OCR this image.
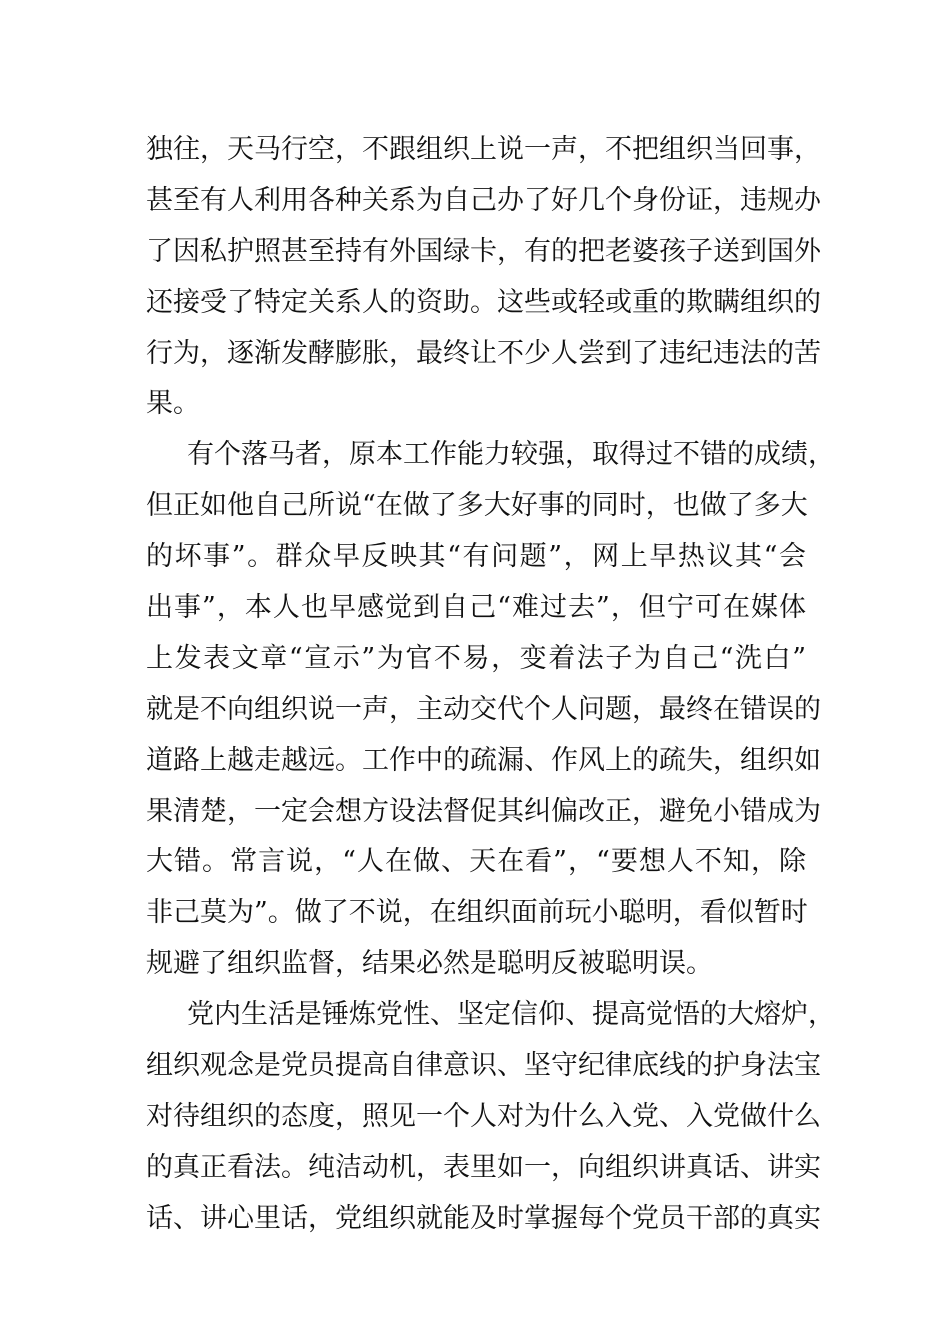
独往，天马行空，不跟组织上说一声，不把组织当回事，
甚至有人利用各种关系为自己办了好几个身份证，违规办
了因私护照甚至持有外国绿卡，有的把老婆孩子送到国外
还接受了特定关系人的资助。这些或轻或重的欺瞒组织的
行为，逐渐发酵膨胀，最终让不少人尝到了违纪违法的苦
果。
有个落马者，原本工作能力较强，取得过不错的成绩，
但正如他自己所说“在做了多大好事的同时，也做了多大
的坏事”。群众早反映其“有问题”，网上早热议其“会
出事”，本人也早感觉到自己“难过去”，但宁可在媒体
上发表文章“宣示”为官不易，变着法子为自己“洗白”
就是不向组织说一声，主动交代个人问题，最终在错误的
道路上越走越远。工作中的疏漏、作风上的疏失，组织如
果清楚，一定会想方设法督促其纠偏改正，避免小错成为
大错。常言说，“人在做、天在看”，“要想人不知，除
非己莫为”。做了不说，在组织面前玩小聪明，看似暂时
规避了组织监督，结果必然是聪明反被聪明误。
党内生活是锤炼党性、坚定信仰、提高觉悟的大熔炉，
组织观念是党员提高自律意识、坚守纪律底线的护身法宝
对待组织的态度，照见一个人对为什么入党、入党做什么
的真正看法。纯洁动机，表里如一，向组织讲真话、讲实
话、讲心里话，党组织就能及时掌握每个党员干部的真实
